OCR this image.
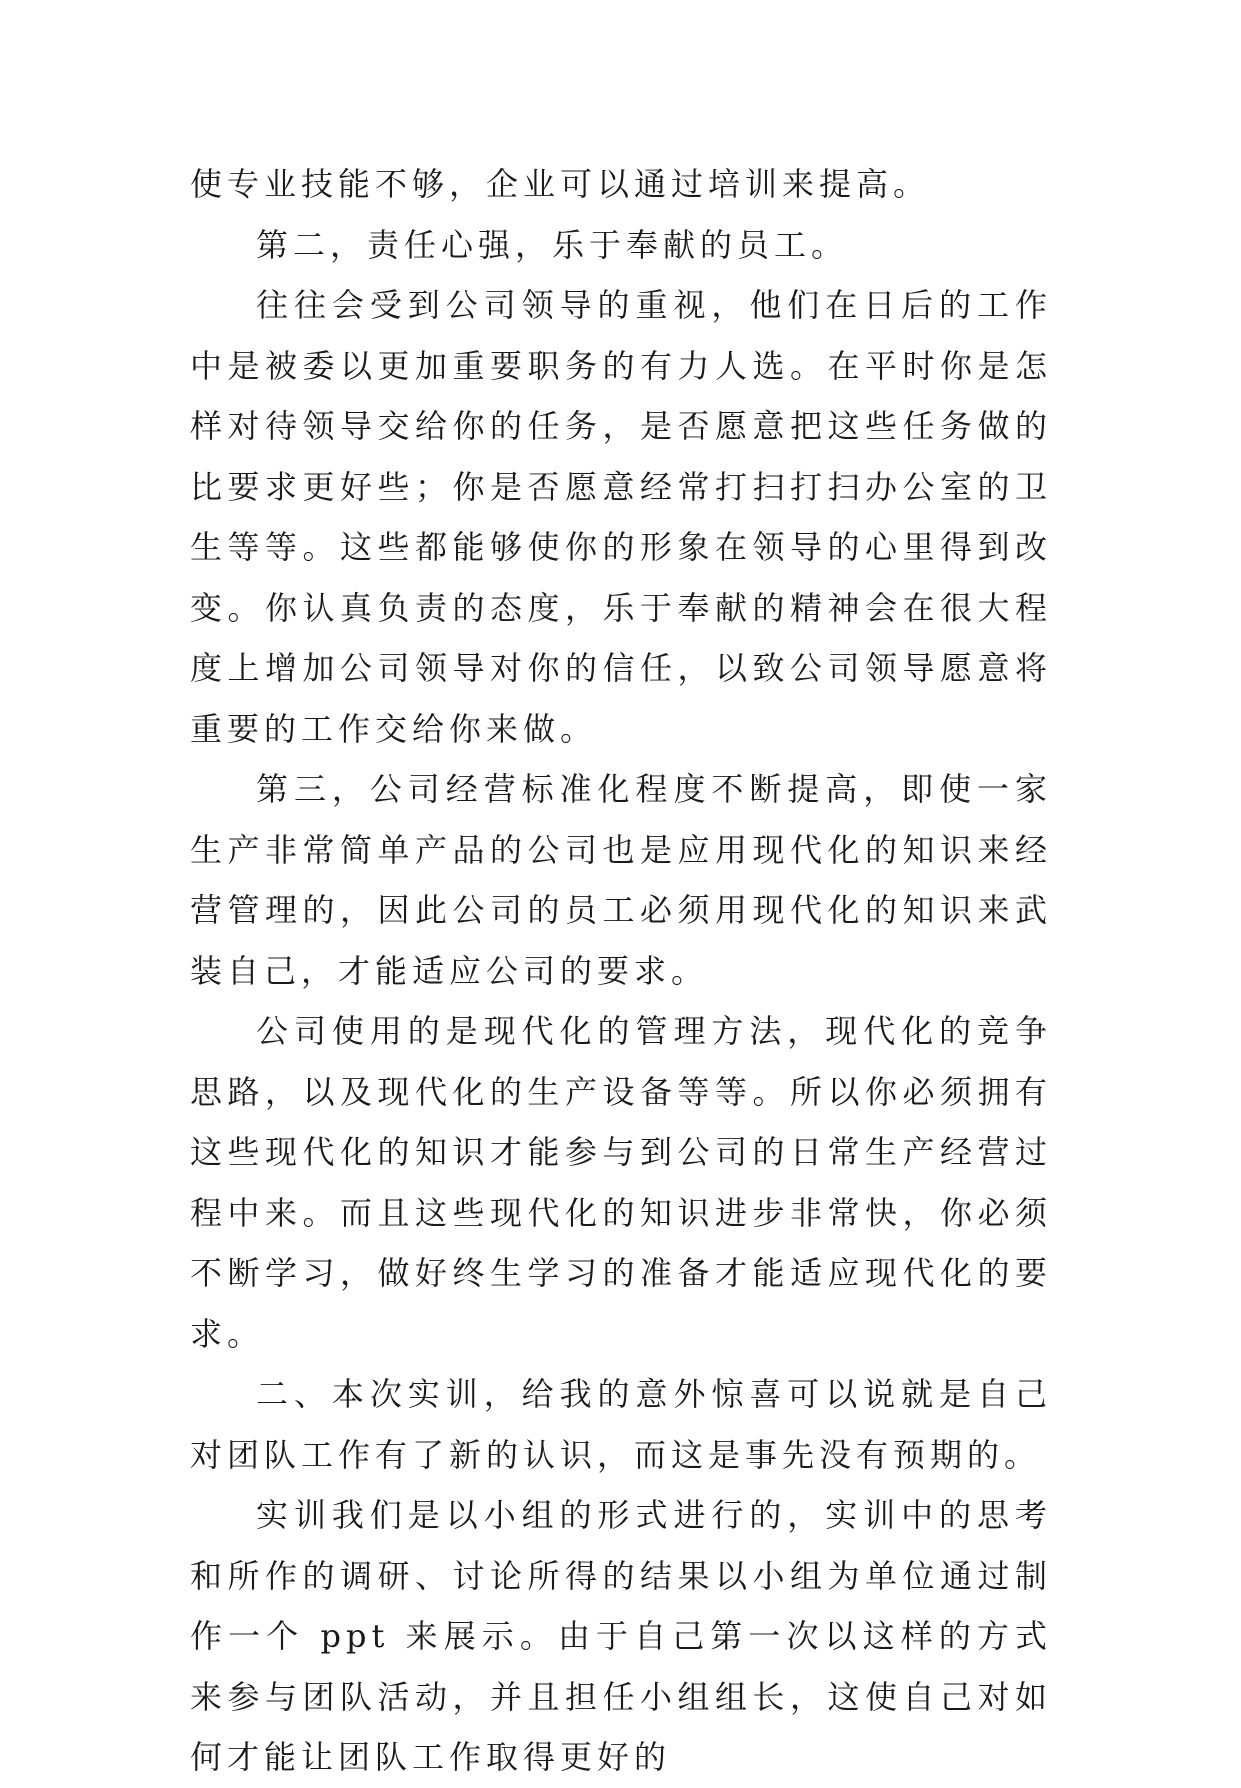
使专业技能不够，企业可以通过培训来提高。

第二，责任心强，乐于奉献的员工。

往往会受到公司领导的重视，他们在日后的工作中是被委以更加重要职务的有力人选。在平时你是怎样对待领导交给你的任务，是否愿意把这些任务做的比要求更好些；你是否愿意经常打扫打扫办公室的卫生等等。这些都能够使你的形象在领导的心里得到改变。你认真负责的态度，乐于奉献的精神会在很大程度上增加公司领导对你的信任，以致公司领导愿意将重要的工作交给你来做。

第三，公司经营标准化程度不断提高，即使一家生产非常简单产品的公司也是应用现代化的知识来经营管理的，因此公司的员工必须用现代化的知识来武装自己，才能适应公司的要求。

公司使用的是现代化的管理方法，现代化的竞争思路，以及现代化的生产设备等等。所以你必须拥有这些现代化的知识才能参与到公司的日常生产经营过程中来。而且这些现代化的知识进步非常快，你必须不断学习，做好终生学习的准备才能适应现代化的要求。

二、本次实训，给我的意外惊喜可以说就是自己对团队工作有了新的认识，而这是事先没有预期的。

实训我们是以小组的形式进行的，实训中的思考和所作的调研、讨论所得的结果以小组为单位通过制作一个 ppt 来展示。由于自己第一次以这样的方式来参与团队活动，并且担任小组组长，这使自己对如何才能让团队工作取得更好的
